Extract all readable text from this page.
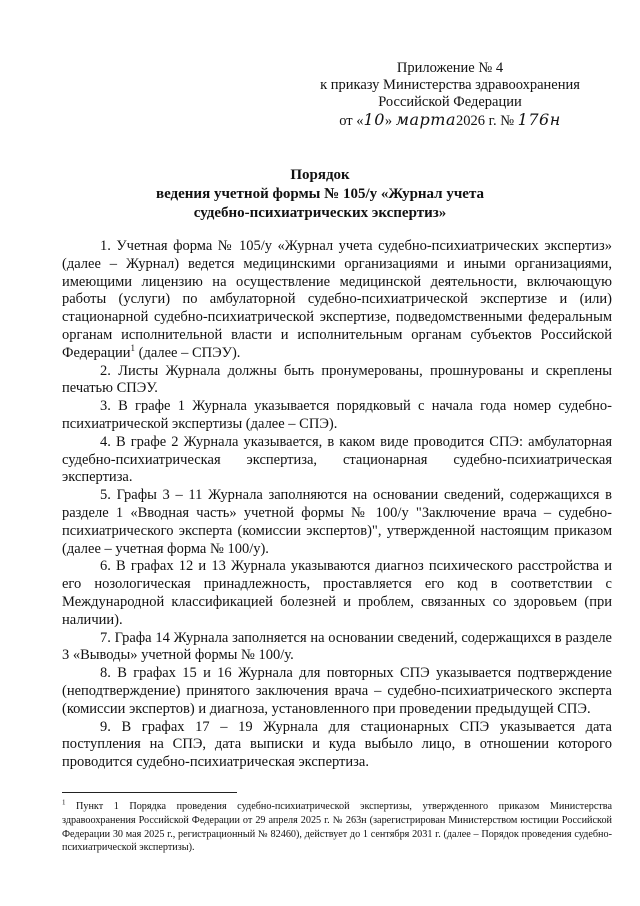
Приложение № 4
к приказу Министерства здравоохранения
Российской Федерации
от «10» марта2026 г. № 176н
Порядок
ведения учетной формы № 105/у «Журнал учета
судебно-психиатрических экспертиз»

1. Учетная форма № 105/у «Журнал учета судебно-психиатрических экспертиз» (далее – Журнал) ведется медицинскими организациями и иными организациями, имеющими лицензию на осуществление медицинской деятельности, включающую работы (услуги) по амбулаторной судебно-психиатрической экспертизе и (или) стационарной судебно-психиатрической экспертизе, подведомственными федеральным органам исполнительной власти и исполнительным органам субъектов Российской Федерации$^1$ (далее – СПЭУ).

2. Листы Журнала должны быть пронумерованы, прошнурованы и скреплены печатью СПЭУ.

3. В графе 1 Журнала указывается порядковый с начала года номер судебно-психиатрической экспертизы (далее – СПЭ).

4. В графе 2 Журнала указывается, в каком виде проводится СПЭ: амбулаторная судебно-психиатрическая экспертиза, стационарная судебно-психиатрическая экспертиза.

5. Графы 3 – 11 Журнала заполняются на основании сведений, содержащихся в разделе 1 «Вводная часть» учетной формы № 100/у "Заключение врача – судебно-психиатрического эксперта (комиссии экспертов)", утвержденной настоящим приказом (далее – учетная форма № 100/у).

6. В графах 12 и 13 Журнала указываются диагноз психического расстройства и его нозологическая принадлежность, проставляется его код в соответствии с Международной классификацией болезней и проблем, связанных со здоровьем (при наличии).

7. Графа 14 Журнала заполняется на основании сведений, содержащихся в разделе 3 «Выводы» учетной формы № 100/у.

8. В графах 15 и 16 Журнала для повторных СПЭ указывается подтверждение (неподтверждение) принятого заключения врача – судебно-психиатрического эксперта (комиссии экспертов) и диагноза, установленного при проведении предыдущей СПЭ.

9. В графах 17 – 19 Журнала для стационарных СПЭ указывается дата поступления на СПЭ, дата выписки и куда выбыло лицо, в отношении которого проводится судебно-психиатрическая экспертиза.

$^1$ Пункт 1 Порядка проведения судебно-психиатрической экспертизы, утвержденного приказом Министерства здравоохранения Российской Федерации от 29 апреля 2025 г. № 263н (зарегистрирован Министерством юстиции Российской Федерации 30 мая 2025 г., регистрационный № 82460), действует до 1 сентября 2031 г. (далее – Порядок проведения судебно-психиатрической экспертизы).
